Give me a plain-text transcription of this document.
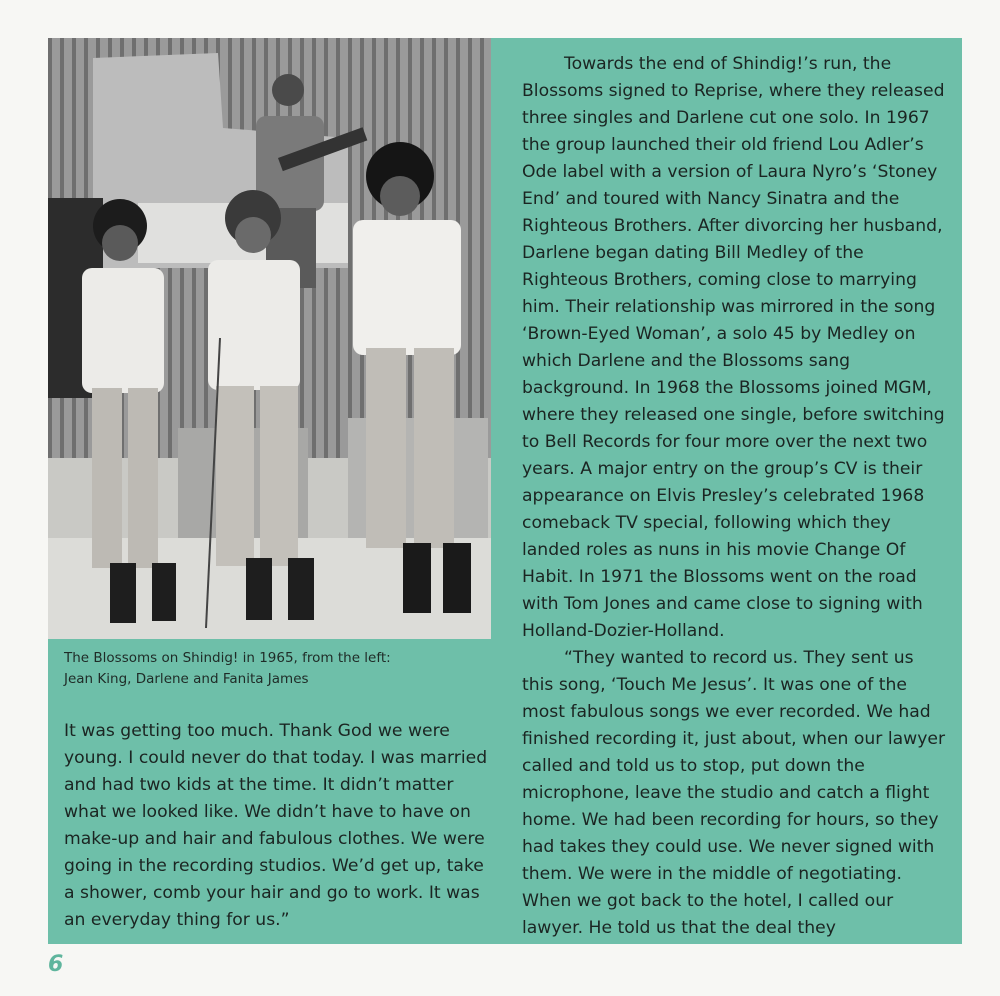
The Blossoms on Shindig! in 1965, from the left:
Jean King, Darlene and Fanita James

It was getting too much. Thank God we were young. I could never do that today. I was married and had two kids at the time. It didn’t matter what we looked like. We didn’t have to have on make-up and hair and fabulous clothes. We were going in the recording studios. We’d get up, take a shower, comb your hair and go to work. It was an everyday thing for us.”

Towards the end of Shindig!’s run, the Blossoms signed to Reprise, where they released three singles and Darlene cut one solo. In 1967 the group launched their old friend Lou Adler’s Ode label with a version of Laura Nyro’s ‘Stoney End’ and toured with Nancy Sinatra and the Righteous Brothers. After divorcing her husband, Darlene began dating Bill Medley of the Righteous Brothers, coming close to marrying him. Their relationship was mirrored in the song ‘Brown-Eyed Woman’, a solo 45 by Medley on which Darlene and the Blossoms sang background. In 1968 the Blossoms joined MGM, where they released one single, before switching to Bell Records for four more over the next two years. A major entry on the group’s CV is their appearance on Elvis Presley’s celebrated 1968 comeback TV special, following which they landed roles as nuns in his movie Change Of Habit. In 1971 the Blossoms went on the road with Tom Jones and came close to signing with Holland-Dozier-Holland.

“They wanted to record us. They sent us this song, ‘Touch Me Jesus’. It was one of the most fabulous songs we ever recorded. We had finished recording it, just about, when our lawyer called and told us to stop, put down the microphone, leave the studio and catch a flight home. We had been recording for hours, so they had takes they could use. We never signed with them. We were in the middle of negotiating. When we got back to the hotel, I called our lawyer. He told us that the deal they

6
